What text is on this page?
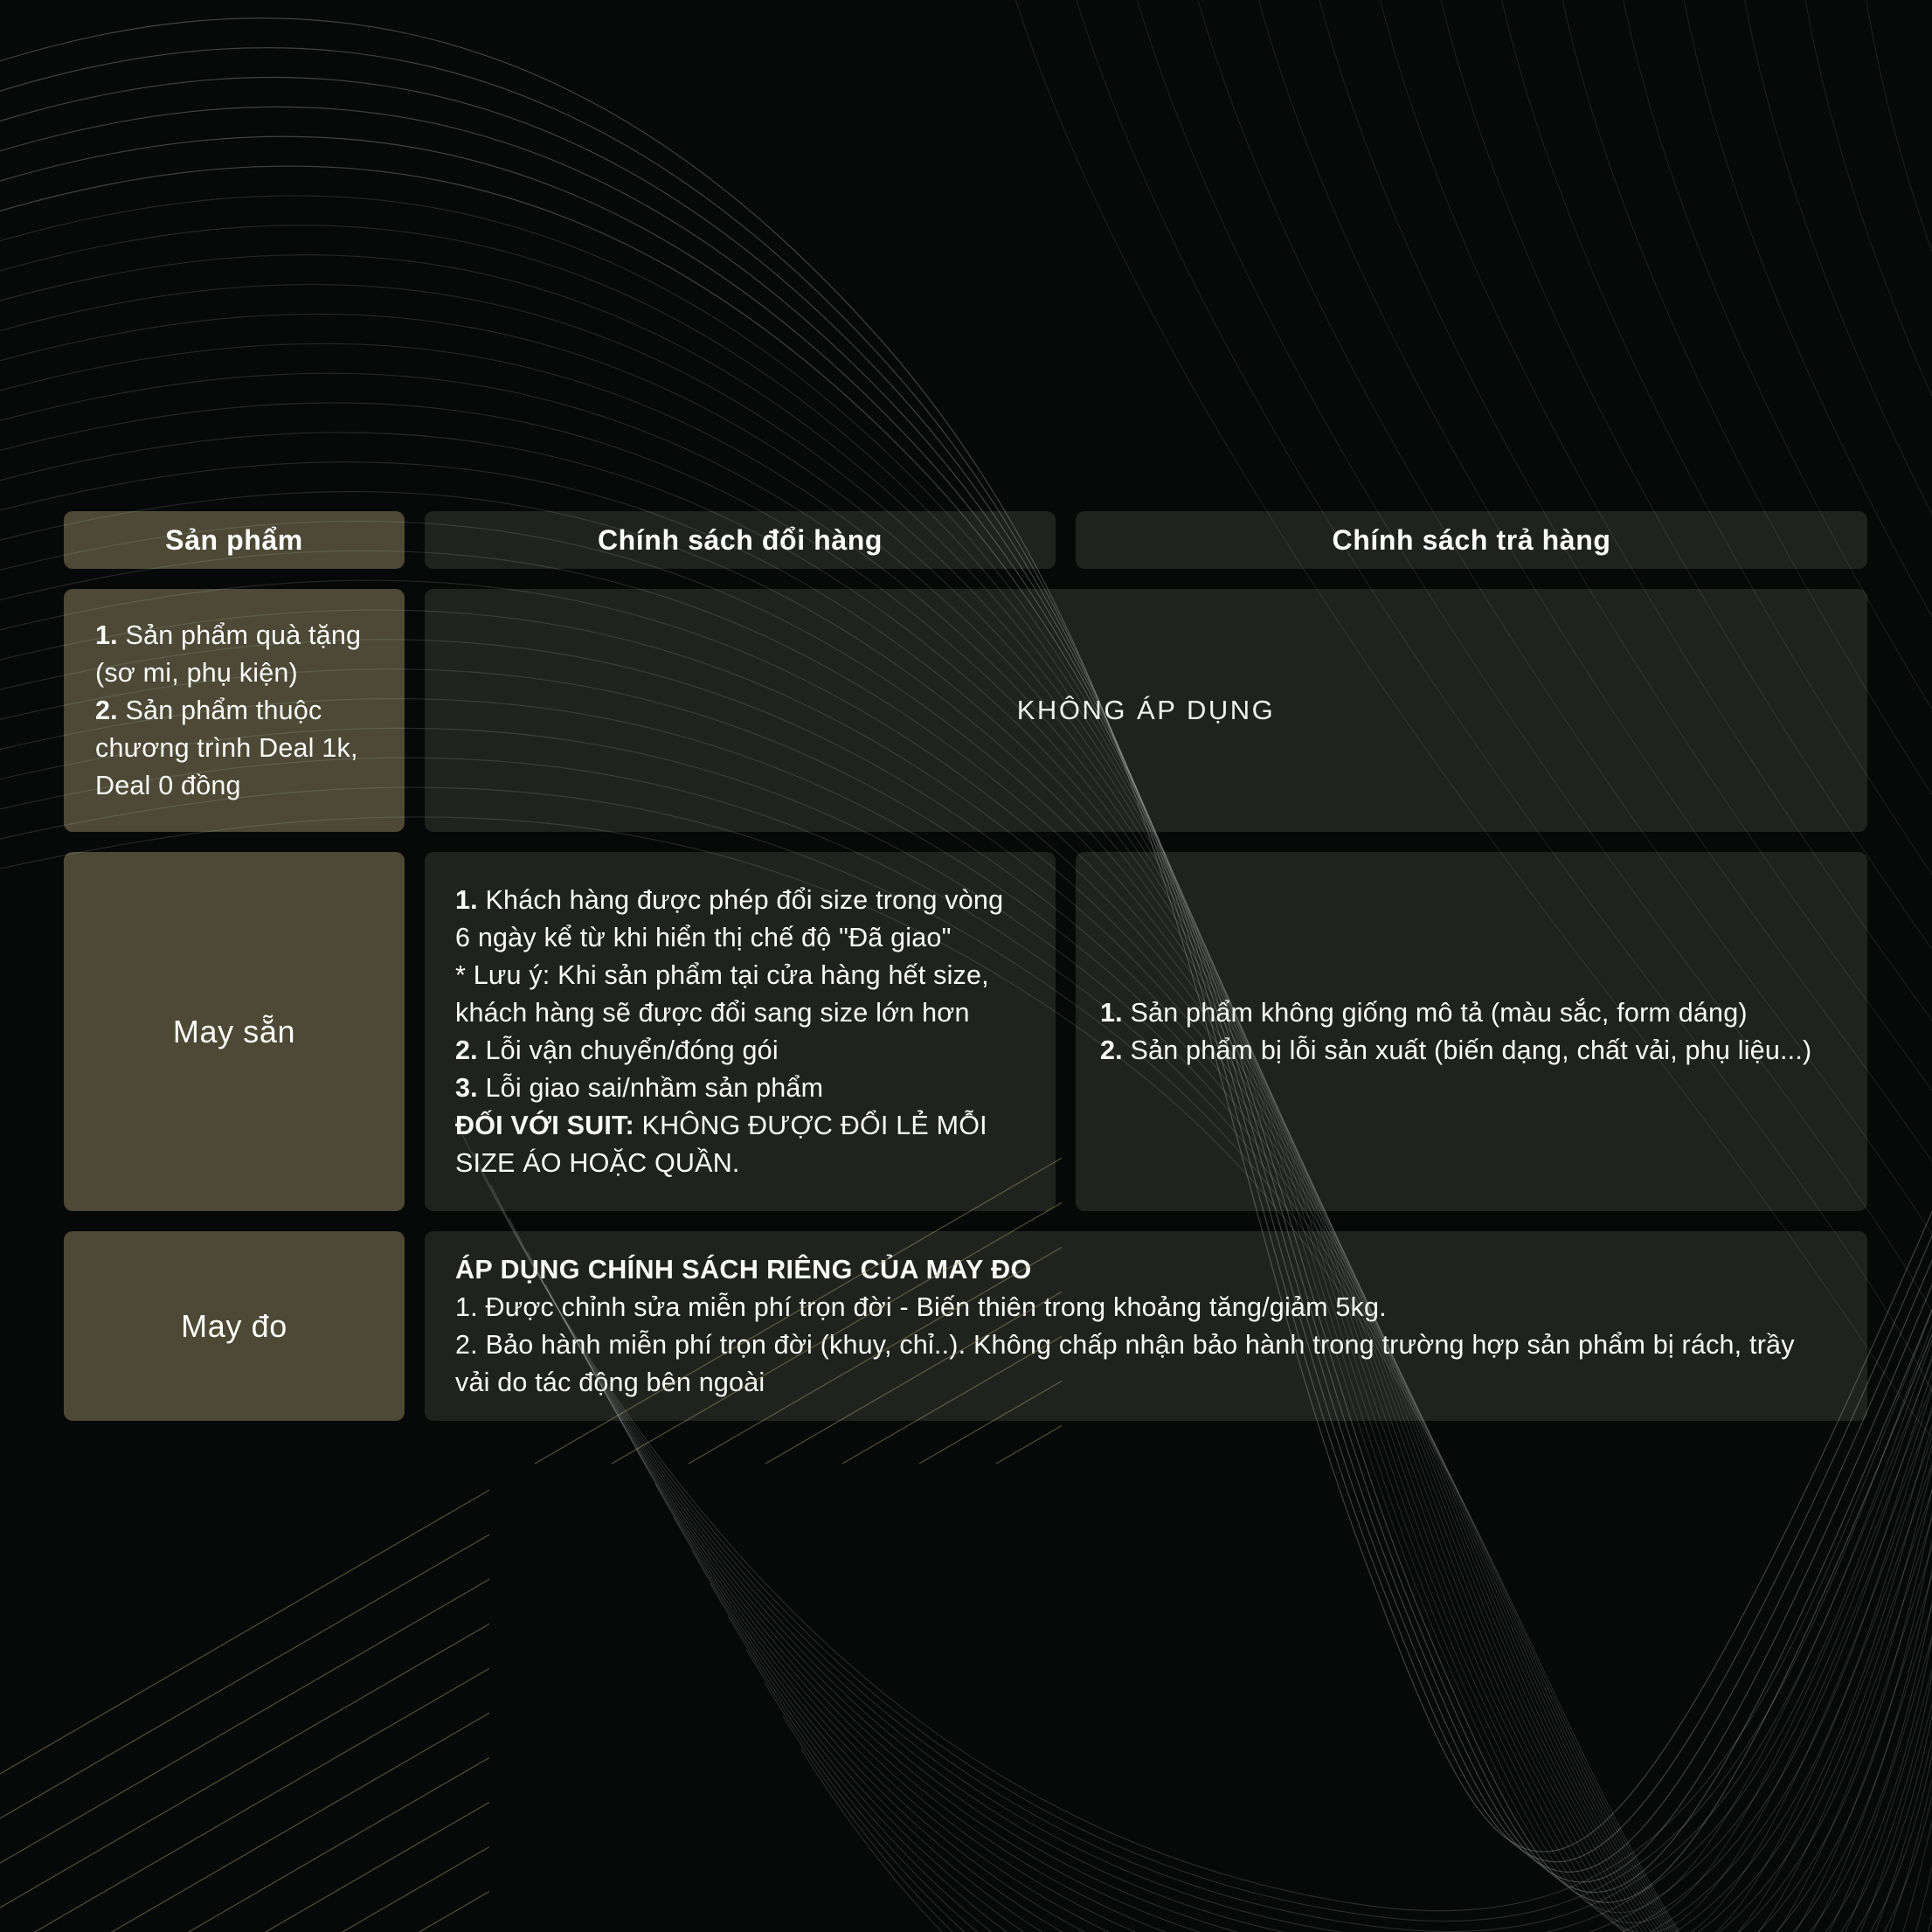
Sản phẩm	Chính sách đổi hàng	Chính sách trả hàng

1. Sản phẩm quà tặng (sơ mi, phụ kiện)

2. Sản phẩm thuộc chương trình Deal 1k, Deal 0 đồng

KHÔNG ÁP DỤNG
May sẵn

1. Khách hàng được phép đổi size trong vòng 6 ngày kể từ khi hiển thị chế độ "Đã giao"

* Lưu ý: Khi sản phẩm tại cửa hàng hết size, khách hàng sẽ được đổi sang size lớn hơn

2. Lỗi vận chuyển/đóng gói

3. Lỗi giao sai/nhầm sản phẩm

ĐỐI VỚI SUIT: KHÔNG ĐƯỢC ĐỔI LẺ MỖI SIZE ÁO HOẶC QUẦN.

1. Sản phẩm không giống mô tả (màu sắc, form dáng)

2. Sản phẩm bị lỗi sản xuất (biến dạng, chất vải, phụ liệu...)

May đo

ÁP DỤNG CHÍNH SÁCH RIÊNG CỦA MAY ĐO

1. Được chỉnh sửa miễn phí trọn đời - Biến thiên trong khoảng tăng/giảm 5kg.

2. Bảo hành miễn phí trọn đời (khuy, chỉ..). Không chấp nhận bảo hành trong trường hợp sản phẩm bị rách, trầy vải do tác động bên ngoài
